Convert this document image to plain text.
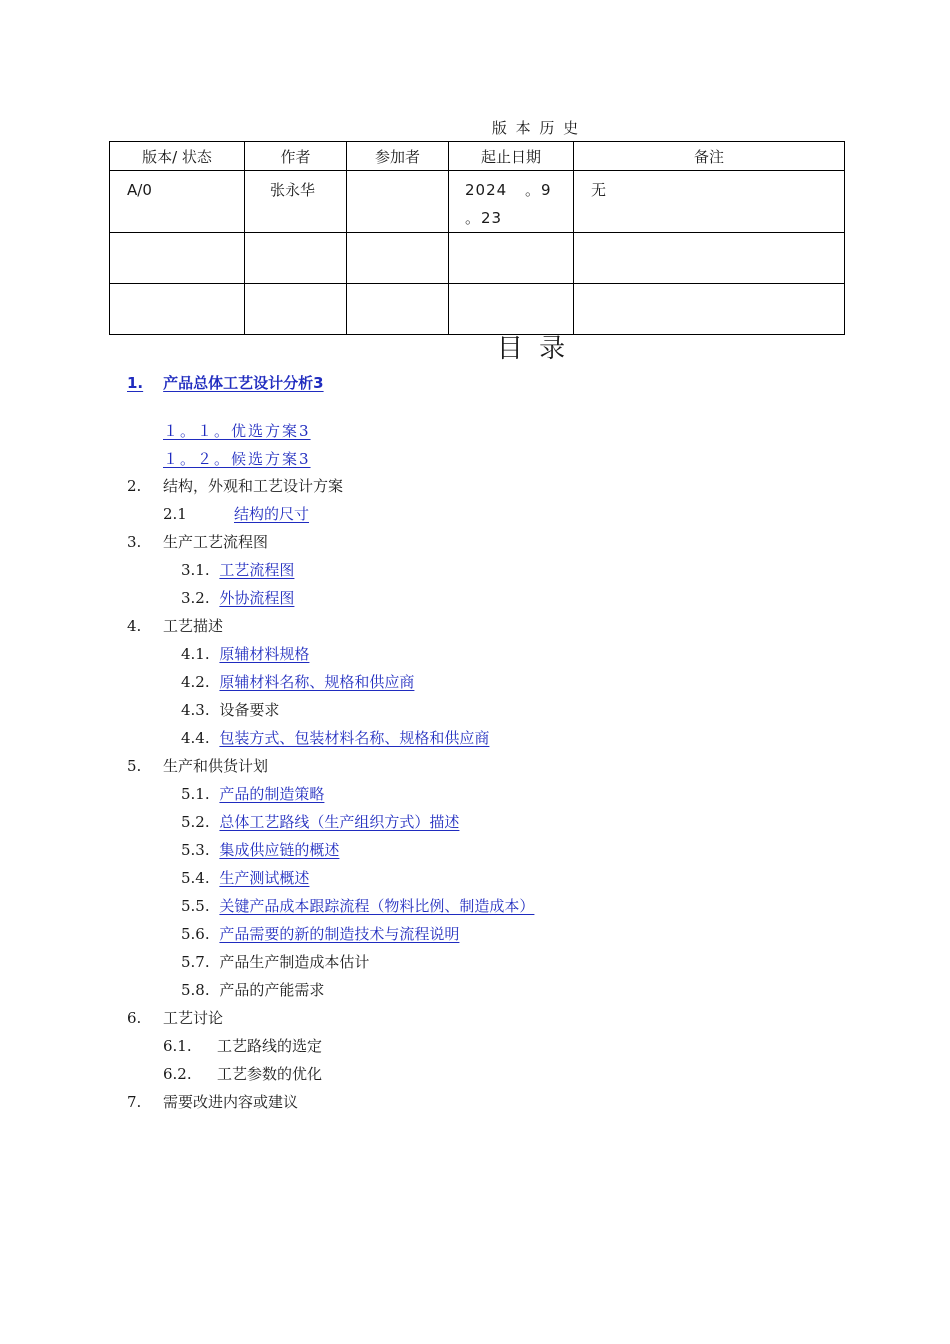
版 本 历 史
版本/ 状态	作者	参加者	起止日期	备注

A/0	张永华		2024 。9 。23	无

目 录
1. 产品总体工艺设计分析3
１。１。优选方案3
１。２。候选方案3
2. 结构，外观和工艺设计方案
2.1	结构的尺寸
3. 生产工艺流程图
3.1. 工艺流程图
3.2. 外协流程图
4. 工艺描述
4.1. 原辅材料规格
4.2. 原辅材料名称、规格和供应商
4.3. 设备要求
4.4. 包装方式、包装材料名称、规格和供应商
5. 生产和供货计划
5.1. 产品的制造策略
5.2. 总体工艺路线（生产组织方式）描述
5.3. 集成供应链的概述
5.4. 生产测试概述
5.5. 关键产品成本跟踪流程（物料比例、制造成本）
5.6. 产品需要的新的制造技术与流程说明
5.7. 产品生产制造成本估计
5.8. 产品的产能需求
6. 工艺讨论
6.1. 工艺路线的选定
6.2. 工艺参数的优化
7. 需要改进内容或建议
